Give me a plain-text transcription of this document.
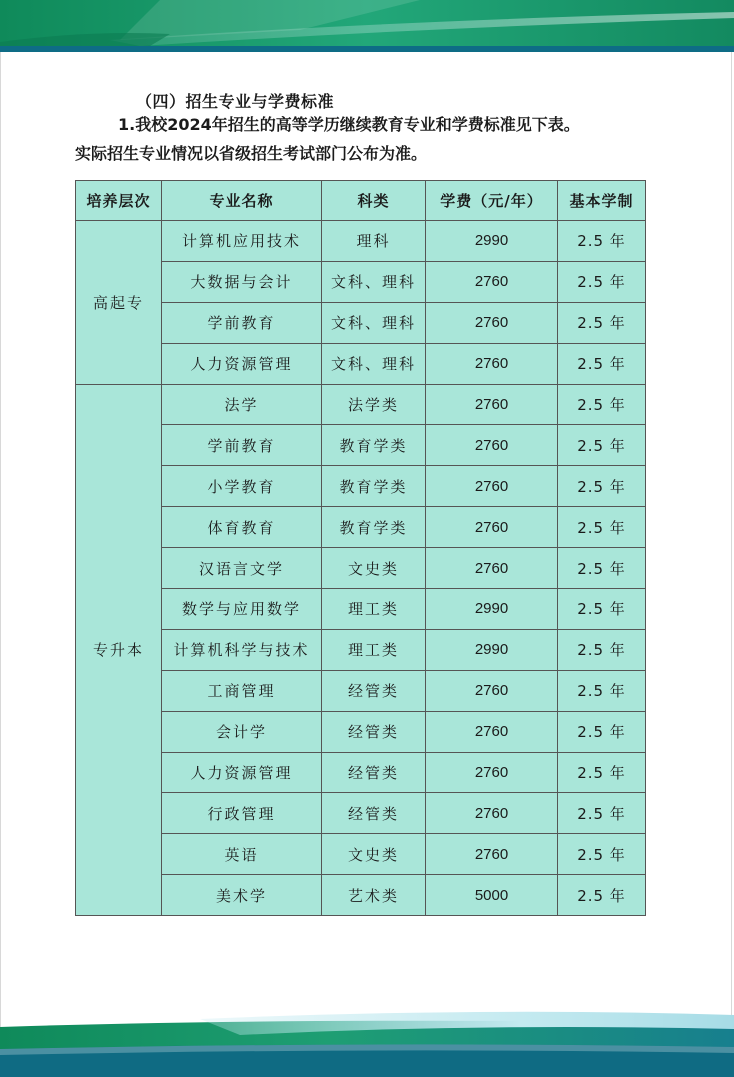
（四）招生专业与学费标准
1.我校2024年招生的高等学历继续教育专业和学费标准见下表。
实际招生专业情况以省级招生考试部门公布为准。
培养层次	专业名称	科类	学费（元/年）	基本学制
高起专	计算机应用技术	理科	2990	2.5 年
	大数据与会计	文科、理科	2760	2.5 年
	学前教育	文科、理科	2760	2.5 年
	人力资源管理	文科、理科	2760	2.5 年
专升本	法学	法学类	2760	2.5 年
	学前教育	教育学类	2760	2.5 年
	小学教育	教育学类	2760	2.5 年
	体育教育	教育学类	2760	2.5 年
	汉语言文学	文史类	2760	2.5 年
	数学与应用数学	理工类	2990	2.5 年
	计算机科学与技术	理工类	2990	2.5 年
	工商管理	经管类	2760	2.5 年
	会计学	经管类	2760	2.5 年
	人力资源管理	经管类	2760	2.5 年
	行政管理	经管类	2760	2.5 年
	英语	文史类	2760	2.5 年
	美术学	艺术类	5000	2.5 年
